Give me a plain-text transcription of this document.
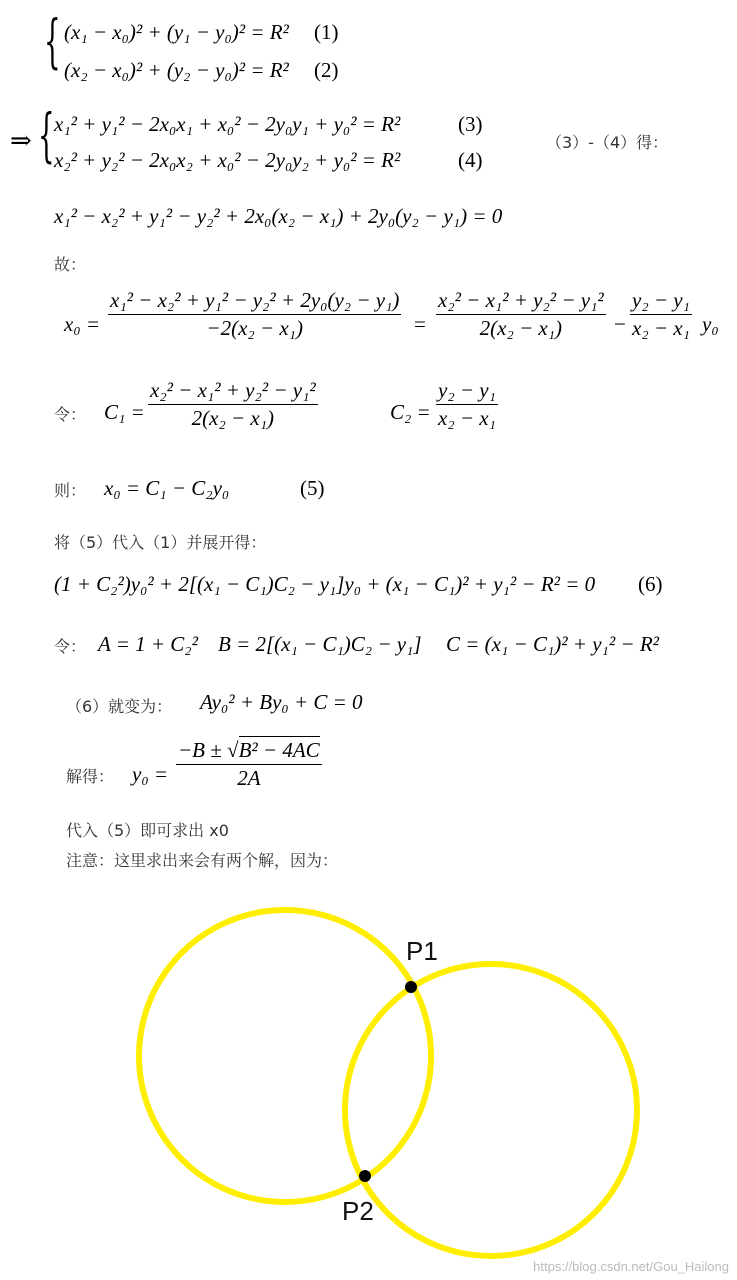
{ (x₁ − x₀)² + (y₁ − y₀)² = R² (1)
(x₂ − x₀)² + (y₂ − y₀)² = R² (2)
⇒ { x₁² + y₁² − 2x₀x₁ + x₀² − 2y₀y₁ + y₀² = R²	(3)
x₂² + y₂² − 2x₀x₂ + x₀² − 2y₀y₂ + y₀² = R²	(4)
（3）-（4）得：
x₁² − x₂² + y₁² − y₂² + 2x₀(x₂ − x₁) + 2y₀(y₂ − y₁) = 0
故：
$x_0 = \frac{\text{x₁² − x₂² + y₁² − y₂² + 2y₀(y₂ − y₁)}}{\text{−2(x₂ − x₁)}} = \frac{\text{x₂² − x₁² + y₂² − y₁²}}{\text{2(x₂ − x₁)}} - \frac{\text{y₂ − y₁}}{\text{x₂ − x₁}} y_0$
令： $C_1 = \frac{\text{x₂² − x₁² + y₂² − y₁²}}{\text{2(x₂ − x₁)}}$	$C_2 = \frac{\text{y₂ − y₁}}{\text{x₂ − x₁}}$
则： x₀ = C₁ − C₂y₀	(5)
将（5）代入（1）并展开得：
(1 + C₂²)y₀² + 2[(x₁ − C₁)C₂ − y₁]y₀ + (x₁ − C₁)² + y₁² − R² = 0 (6)
令： A = 1 + C₂² B = 2[(x₁ − C₁)C₂ − y₁] C = (x₁ − C₁)² + y₁² − R²
（6）就变为： Ay₀² + By₀ + C = 0
解得： $y_0 = \frac{\text{−B ± √B² − 4AC}}{2A}$
代入（5）即可求出 x0
注意：这里求出来会有两个解，因为：
P1
P2
https://blog.csdn.net/Gou_Hailong
